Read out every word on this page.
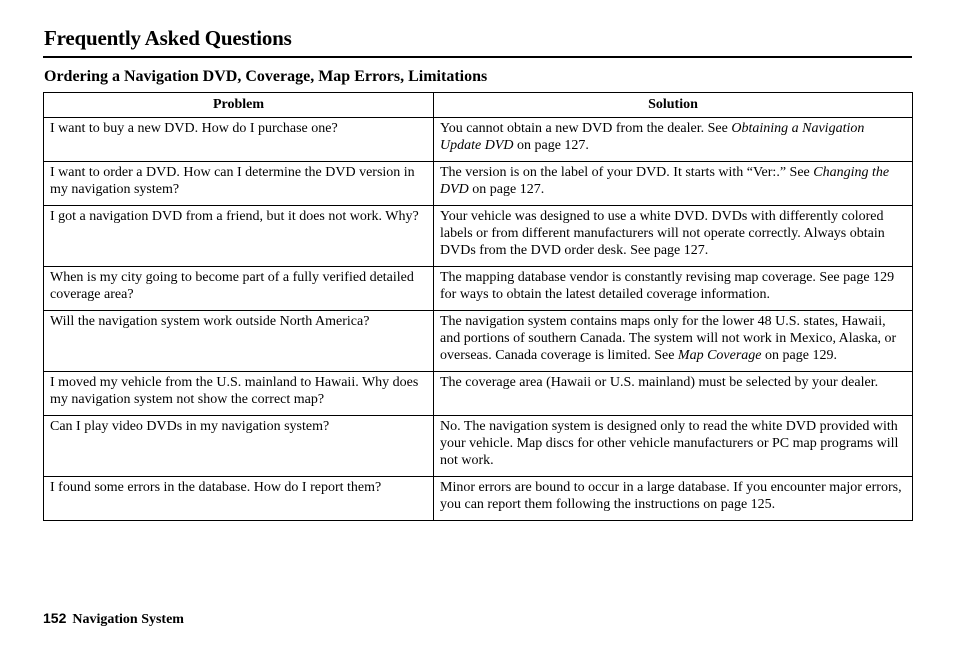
Frequently Asked Questions
Ordering a Navigation DVD, Coverage, Map Errors, Limitations
Problem	Solution
I want to buy a new DVD. How do I purchase one?	You cannot obtain a new DVD from the dealer. See Obtaining a Navigation Update DVD on page 127.
I want to order a DVD. How can I determine the DVD version in my navigation system?	The version is on the label of your DVD. It starts with “Ver:.” See Changing the DVD on page 127.
I got a navigation DVD from a friend, but it does not work. Why?	Your vehicle was designed to use a white DVD. DVDs with differently colored labels or from different manufacturers will not operate correctly. Always obtain DVDs from the DVD order desk. See page 127.
When is my city going to become part of a fully verified detailed coverage area?	The mapping database vendor is constantly revising map coverage. See page 129 for ways to obtain the latest detailed coverage information.
Will the navigation system work outside North America?	The navigation system contains maps only for the lower 48 U.S. states, Hawaii, and portions of southern Canada. The system will not work in Mexico, Alaska, or overseas. Canada coverage is limited. See Map Coverage on page 129.
I moved my vehicle from the U.S. mainland to Hawaii. Why does my navigation system not show the correct map?	The coverage area (Hawaii or U.S. mainland) must be selected by your dealer.
Can I play video DVDs in my navigation system?	No. The navigation system is designed only to read the white DVD provided with your vehicle. Map discs for other vehicle manufacturers or PC map programs will not work.
I found some errors in the database. How do I report them?	Minor errors are bound to occur in a large database. If you encounter major errors, you can report them following the instructions on page 125.
152 Navigation System
